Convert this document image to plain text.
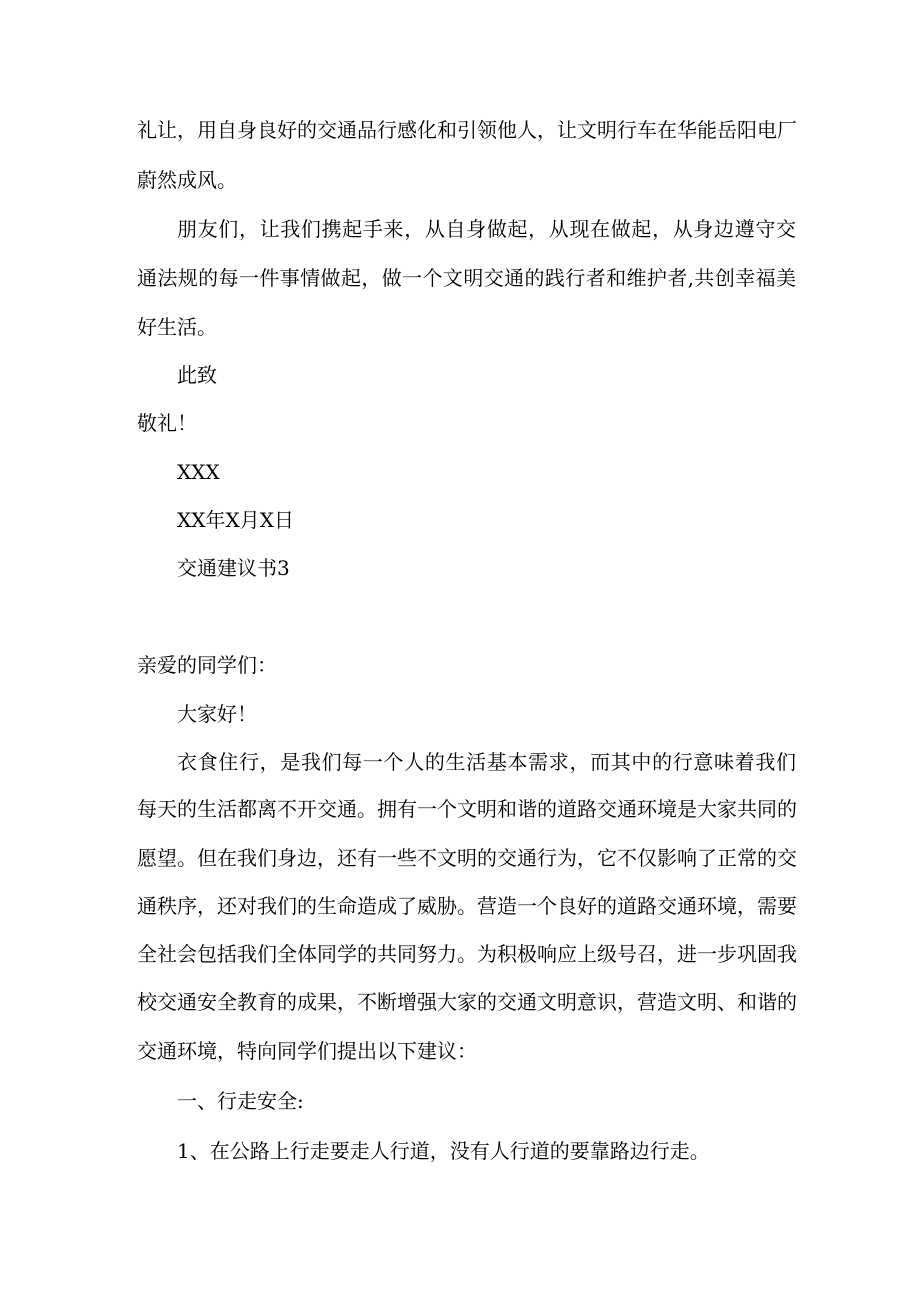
礼让，用自身良好的交通品行感化和引领他人，让文明行车在华能岳阳电厂
蔚然成风。
朋友们，让我们携起手来，从自身做起，从现在做起，从身边遵守交
通法规的每一件事情做起，做一个文明交通的践行者和维护者,共创幸福美
好生活。
此致
敬礼！
XXX
XX年X月X日
交通建议书3
亲爱的同学们：
大家好！
衣食住行，是我们每一个人的生活基本需求，而其中的行意味着我们
每天的生活都离不开交通。拥有一个文明和谐的道路交通环境是大家共同的
愿望。但在我们身边，还有一些不文明的交通行为，它不仅影响了正常的交
通秩序，还对我们的生命造成了威胁。营造一个良好的道路交通环境，需要
全社会包括我们全体同学的共同努力。为积极响应上级号召，进一步巩固我
校交通安全教育的成果，不断增强大家的交通文明意识，营造文明、和谐的
交通环境，特向同学们提出以下建议：
一、行走安全:
1、在公路上行走要走人行道，没有人行道的要靠路边行走。
